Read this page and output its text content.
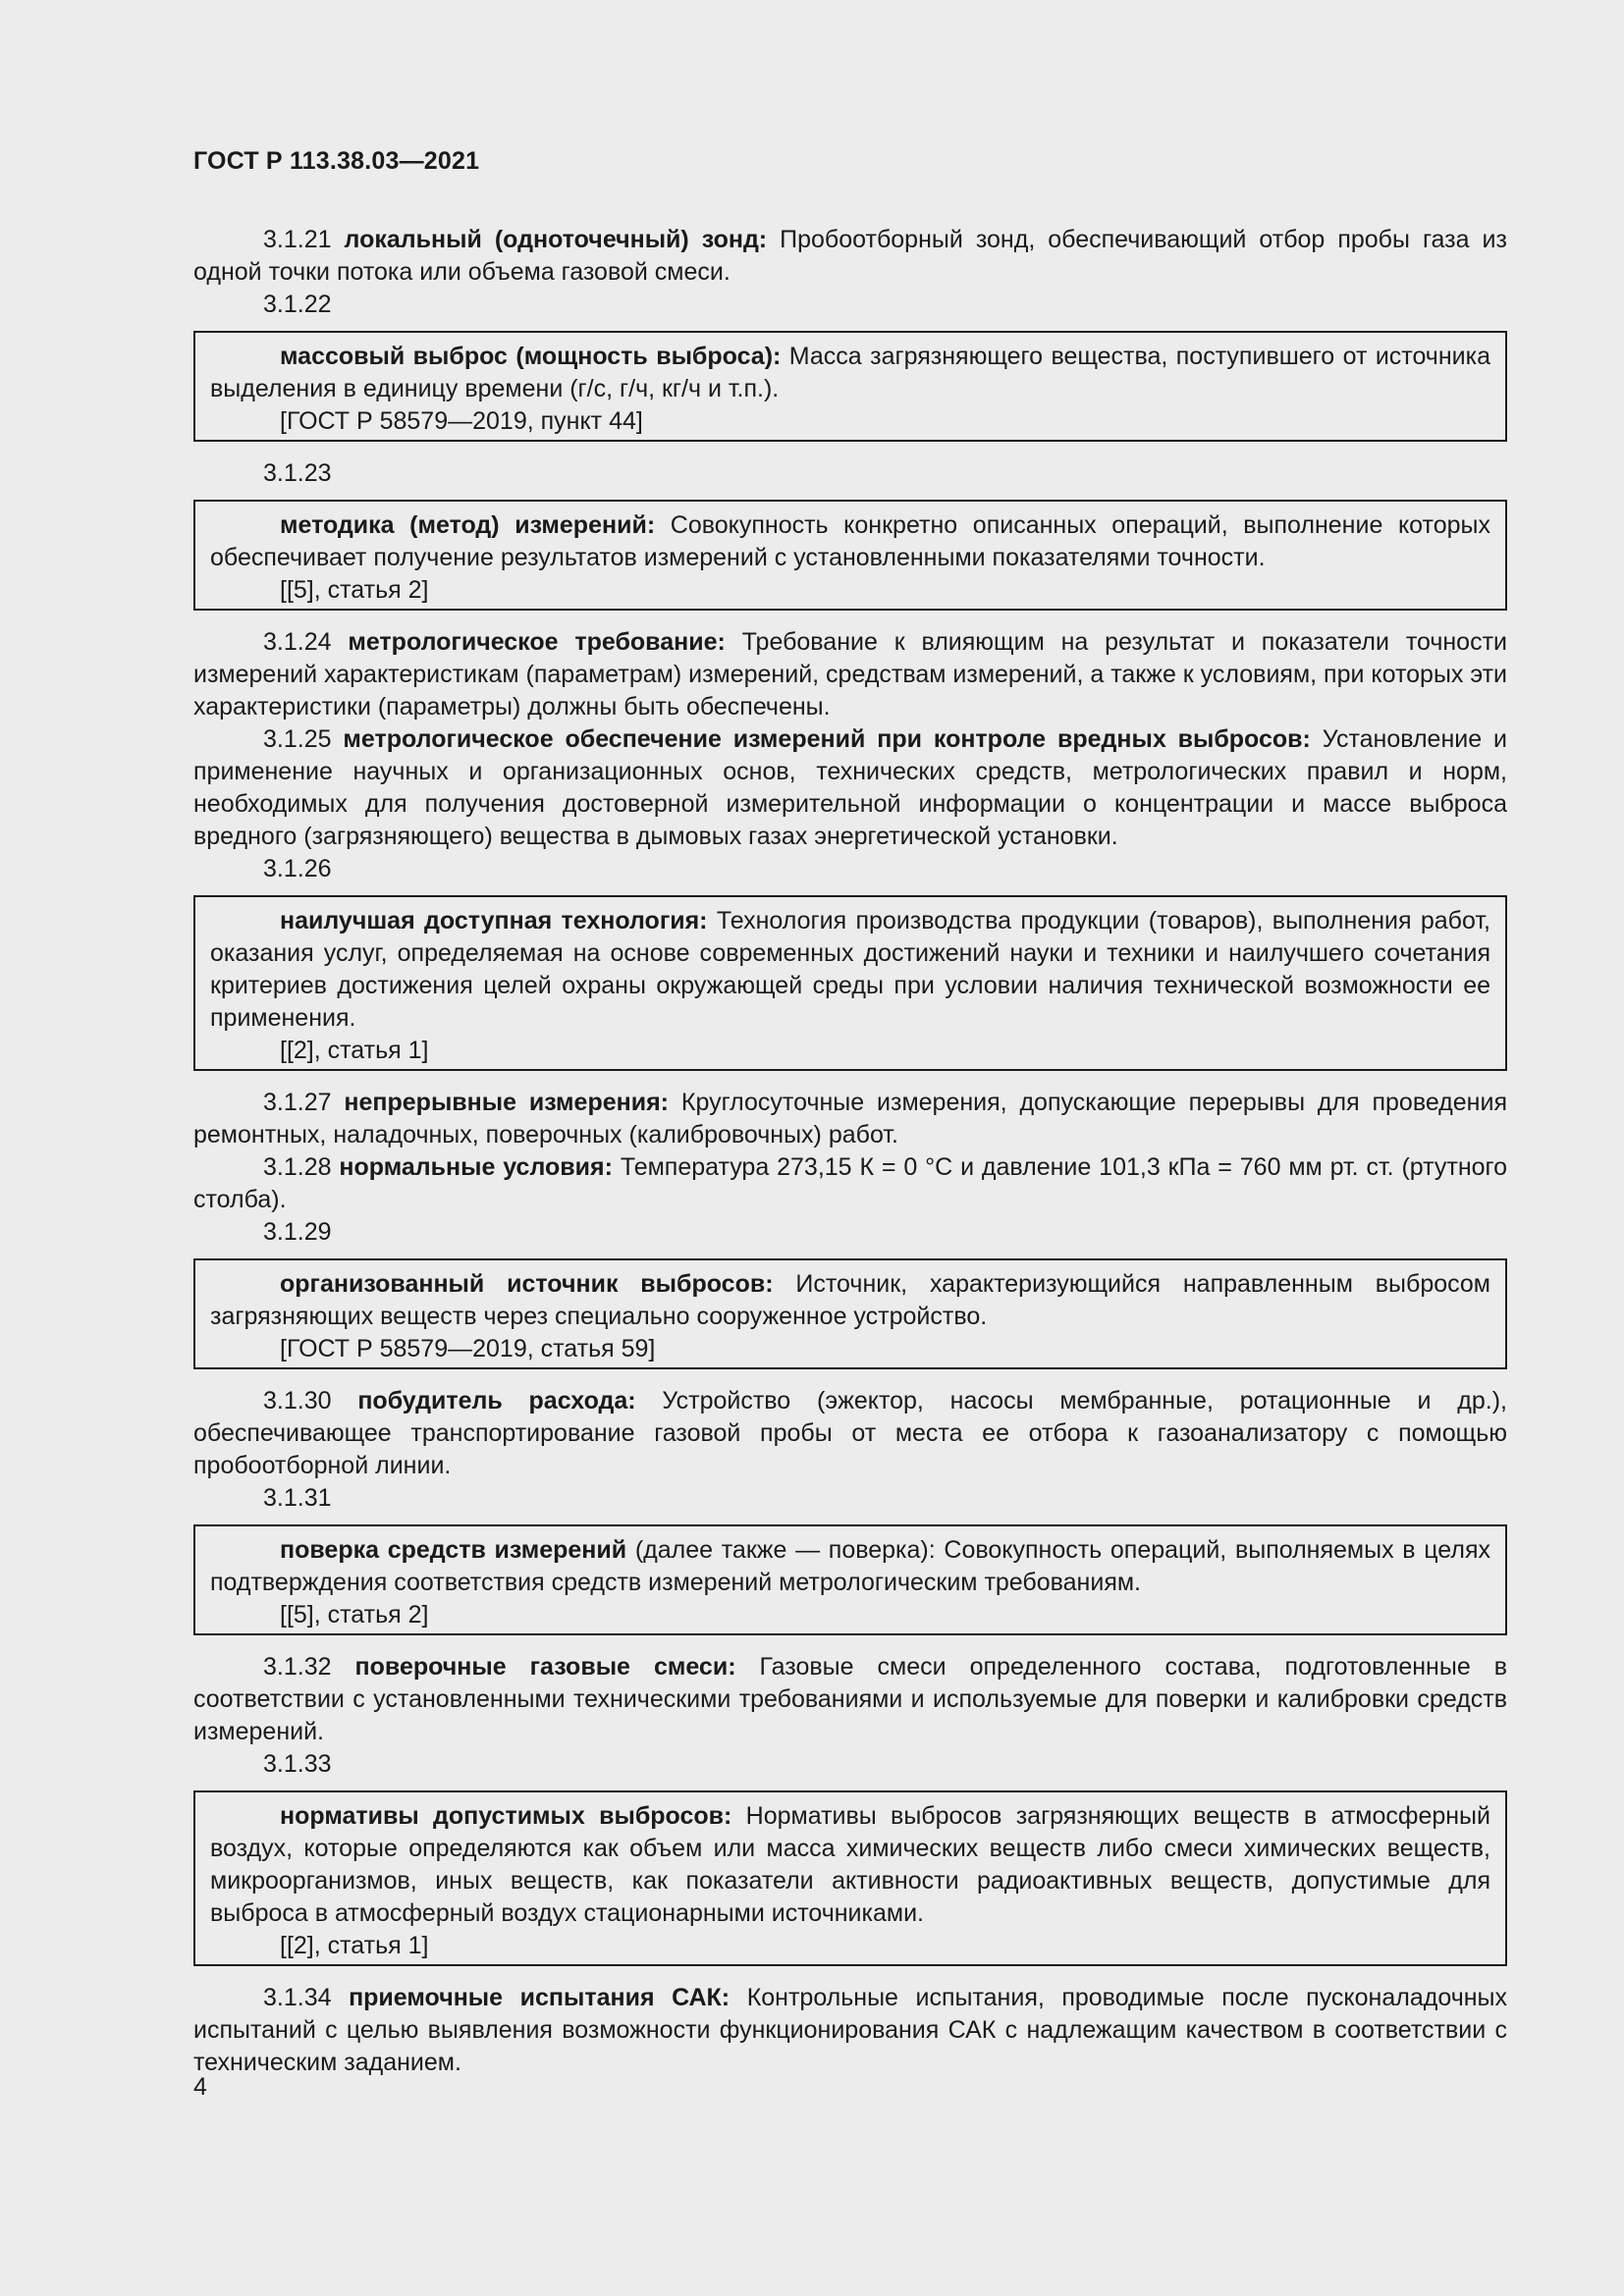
ГОСТ Р 113.38.03—2021

3.1.21 локальный (одноточечный) зонд: Пробоотборный зонд, обеспечивающий отбор пробы газа из одной точки потока или объема газовой смеси.

3.1.22

массовый выброс (мощность выброса): Масса загрязняющего вещества, поступившего от источника выделения в единицу времени (г/с, г/ч, кг/ч и т.п.).

[ГОСТ Р 58579—2019, пункт 44]

3.1.23

методика (метод) измерений: Совокупность конкретно описанных операций, выполнение которых обеспечивает получение результатов измерений с установленными показателями точности.

[[5], статья 2]

3.1.24 метрологическое требование: Требование к влияющим на результат и показатели точности измерений характеристикам (параметрам) измерений, средствам измерений, а также к условиям, при которых эти характеристики (параметры) должны быть обеспечены.

3.1.25 метрологическое обеспечение измерений при контроле вредных выбросов: Установление и применение научных и организационных основ, технических средств, метрологических правил и норм, необходимых для получения достоверной измерительной информации о концентрации и массе выброса вредного (загрязняющего) вещества в дымовых газах энергетической установки.

3.1.26

наилучшая доступная технология: Технология производства продукции (товаров), выполнения работ, оказания услуг, определяемая на основе современных достижений науки и техники и наилучшего сочетания критериев достижения целей охраны окружающей среды при условии наличия технической возможности ее применения.

[[2], статья 1]

3.1.27 непрерывные измерения: Круглосуточные измерения, допускающие перерывы для проведения ремонтных, наладочных, поверочных (калибровочных) работ.

3.1.28 нормальные условия: Температура 273,15 К = 0 °С и давление 101,3 кПа = 760 мм рт. ст. (ртутного столба).

3.1.29

организованный источник выбросов: Источник, характеризующийся направленным выбросом загрязняющих веществ через специально сооруженное устройство.

[ГОСТ Р 58579—2019, статья 59]

3.1.30 побудитель расхода: Устройство (эжектор, насосы мембранные, ротационные и др.), обеспечивающее транспортирование газовой пробы от места ее отбора к газоанализатору с помощью пробоотборной линии.

3.1.31

поверка средств измерений (далее также — поверка): Совокупность операций, выполняемых в целях подтверждения соответствия средств измерений метрологическим требованиям.

[[5], статья 2]

3.1.32 поверочные газовые смеси: Газовые смеси определенного состава, подготовленные в соответствии с установленными техническими требованиями и используемые для поверки и калибровки средств измерений.

3.1.33

нормативы допустимых выбросов: Нормативы выбросов загрязняющих веществ в атмосферный воздух, которые определяются как объем или масса химических веществ либо смеси химических веществ, микроорганизмов, иных веществ, как показатели активности радиоактивных веществ, допустимые для выброса в атмосферный воздух стационарными источниками.

[[2], статья 1]

3.1.34 приемочные испытания САК: Контрольные испытания, проводимые после пусконаладочных испытаний с целью выявления возможности функционирования САК с надлежащим качеством в соответствии с техническим заданием.

4
